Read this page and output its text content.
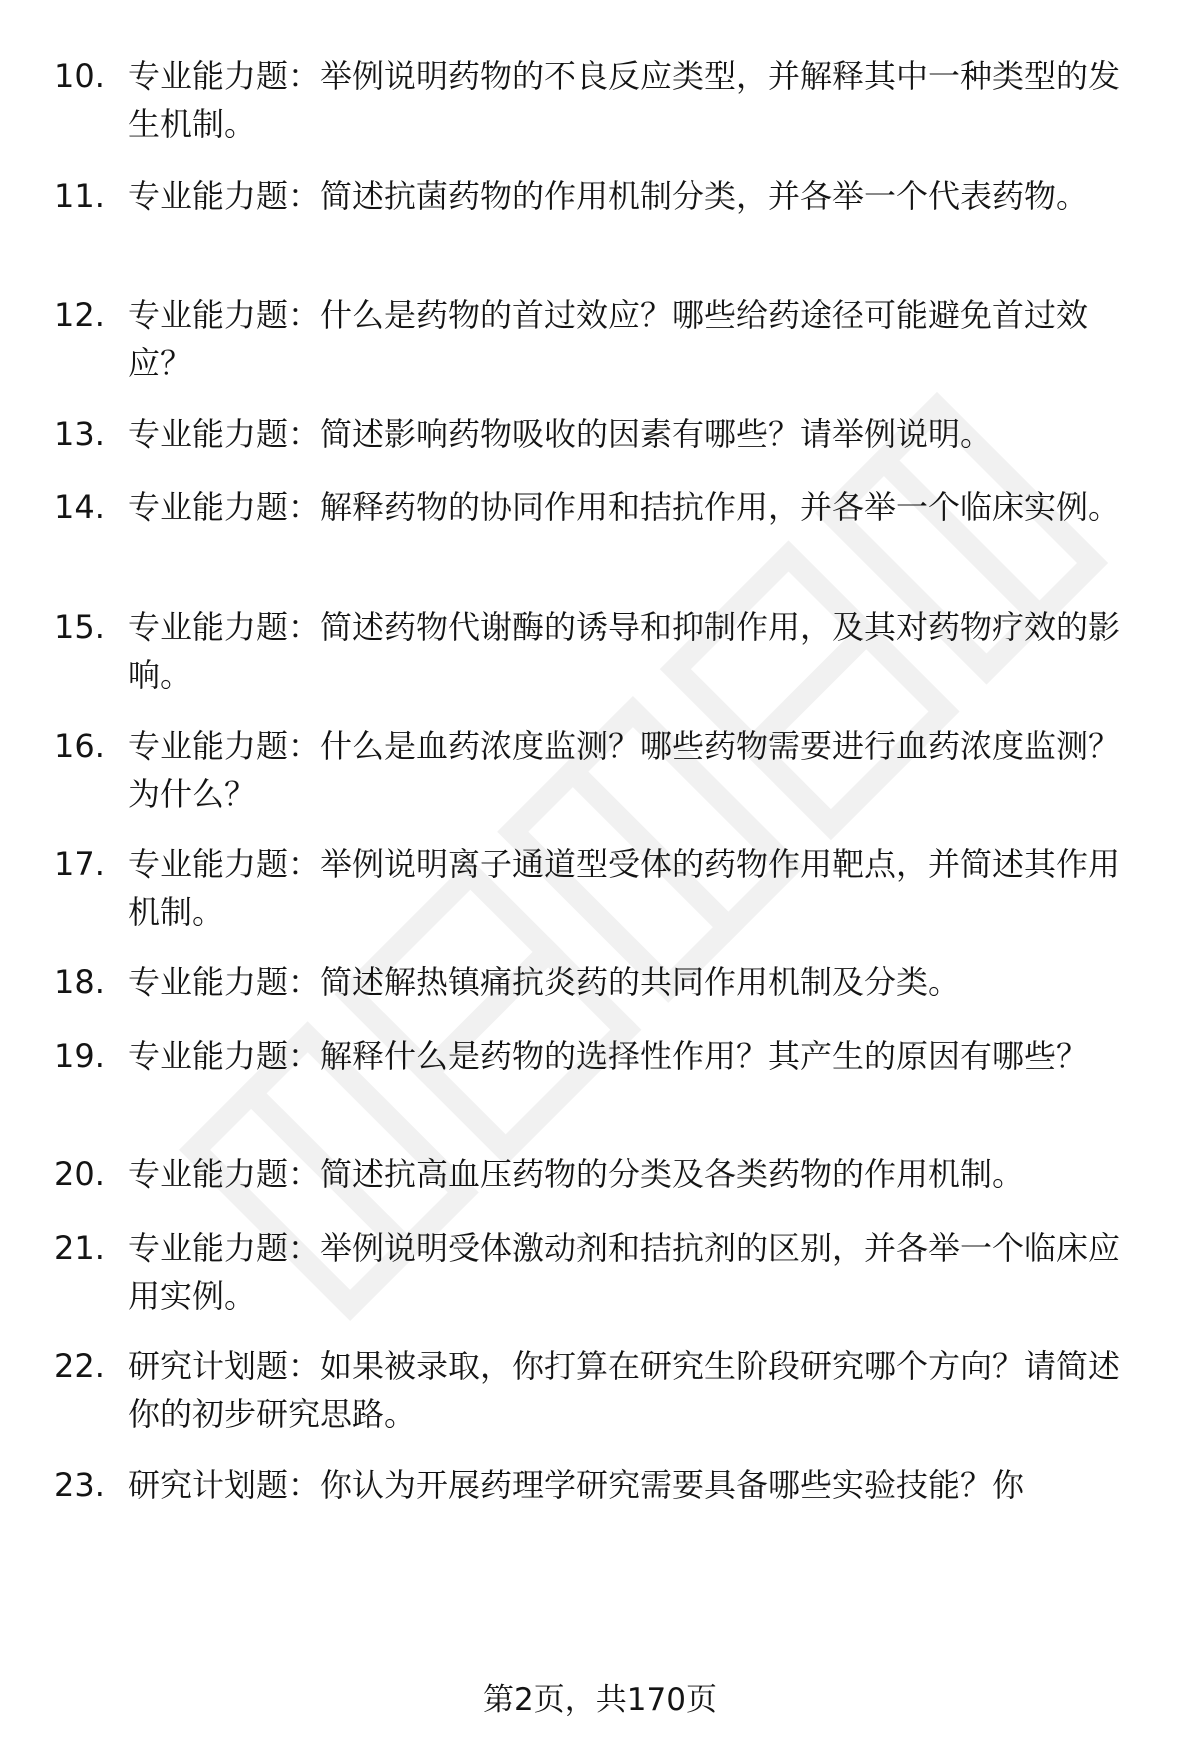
10. 专业能力题：举例说明药物的不良反应类型，并解释其中一种类型的发生机制。
11. 专业能力题：简述抗菌药物的作用机制分类，并各举一个代表药物。
12. 专业能力题：什么是药物的首过效应？哪些给药途径可能避免首过效应？
13. 专业能力题：简述影响药物吸收的因素有哪些？请举例说明。
14. 专业能力题：解释药物的协同作用和拮抗作用，并各举一个临床实例。
15. 专业能力题：简述药物代谢酶的诱导和抑制作用，及其对药物疗效的影响。
16. 专业能力题：什么是血药浓度监测？哪些药物需要进行血药浓度监测？为什么？
17. 专业能力题：举例说明离子通道型受体的药物作用靶点，并简述其作用机制。
18. 专业能力题：简述解热镇痛抗炎药的共同作用机制及分类。
19. 专业能力题：解释什么是药物的选择性作用？其产生的原因有哪些？
20. 专业能力题：简述抗高血压药物的分类及各类药物的作用机制。
21. 专业能力题：举例说明受体激动剂和拮抗剂的区别，并各举一个临床应用实例。
22. 研究计划题：如果被录取，你打算在研究生阶段研究哪个方向？请简述你的初步研究思路。
23. 研究计划题：你认为开展药理学研究需要具备哪些实验技能？你
第2页，共170页
